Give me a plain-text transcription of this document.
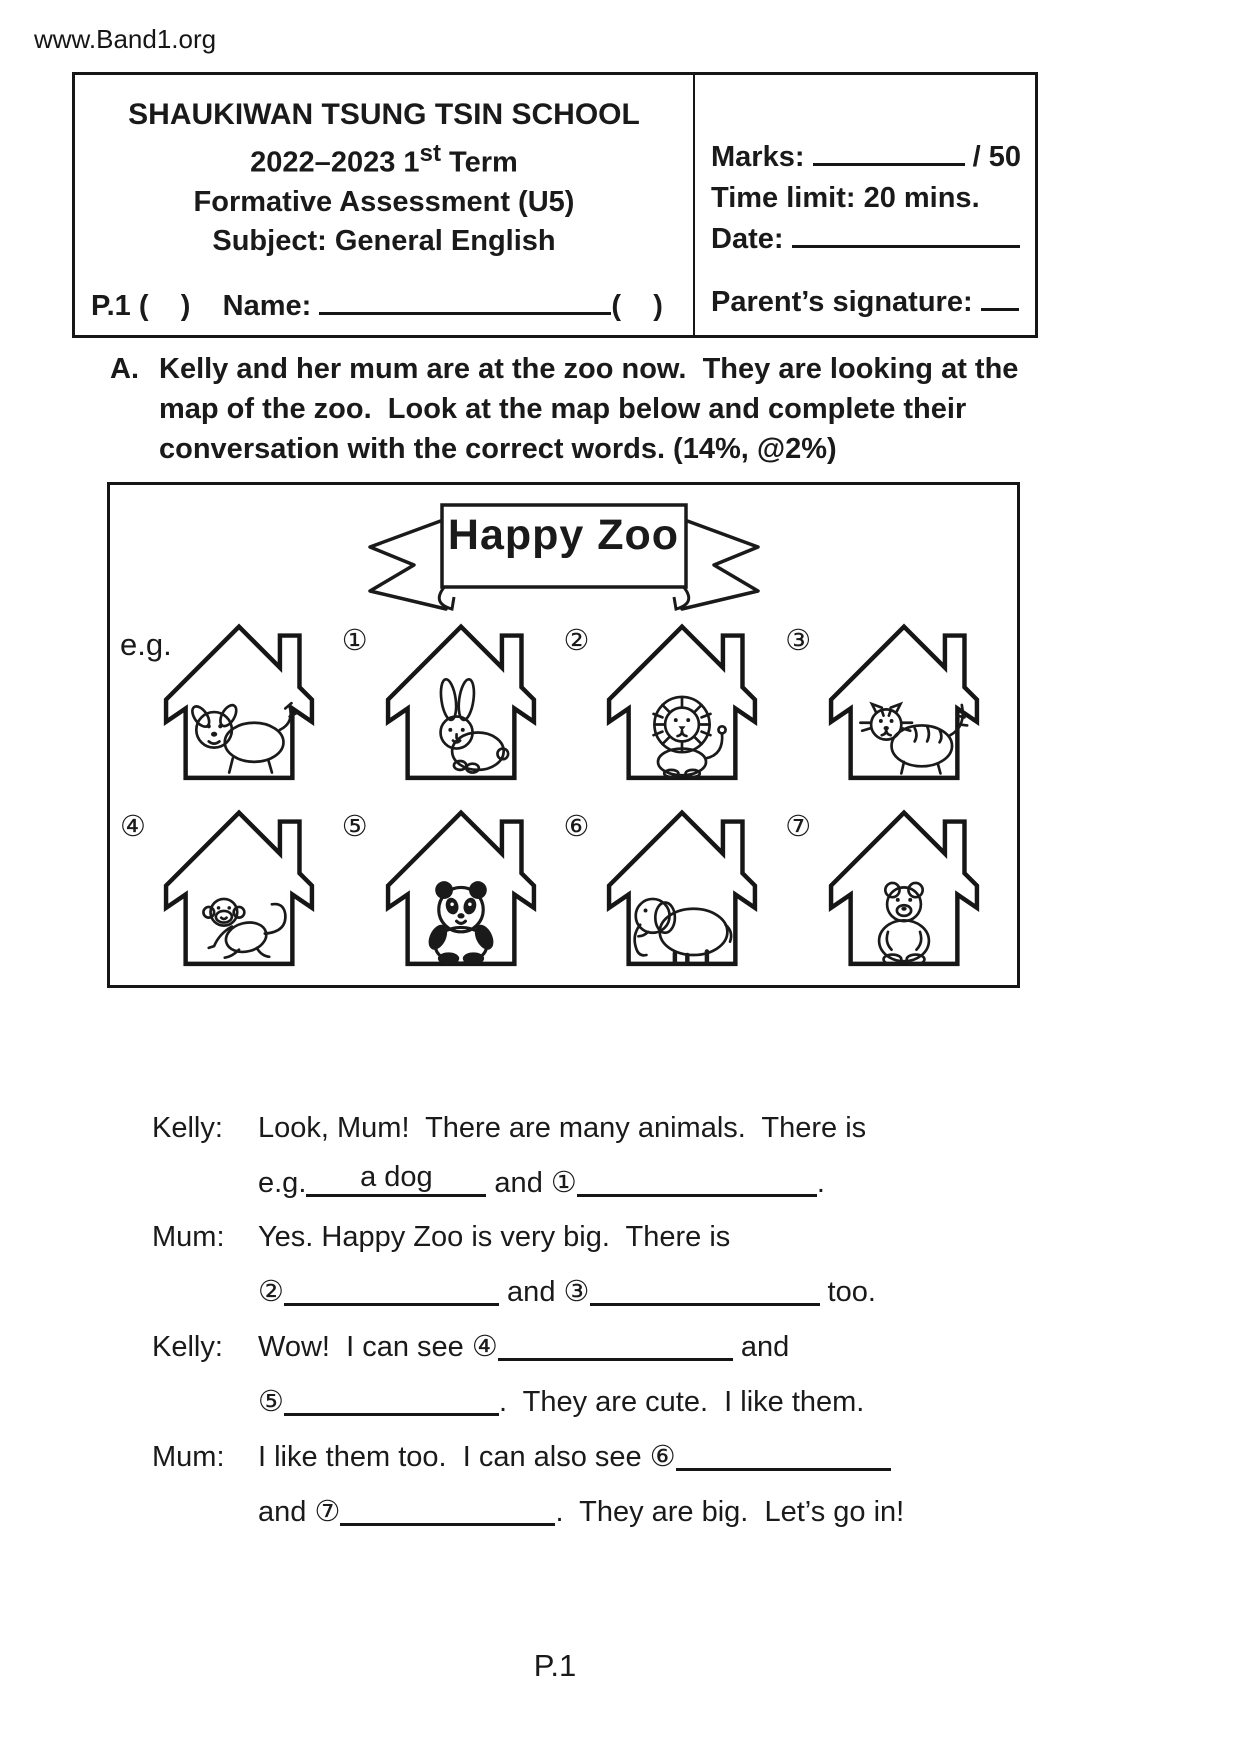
www.Band1.org
SHAUKIWAN TSUNG TSIN SCHOOL
2022–2023 1st Term
Formative Assessment (U5)
Subject: General English
P.1 (    ) Name:	(    )
Marks:	/ 50
Time limit: 20 mins.
Date:
Parent’s signature:
A. Kelly and her mum are at the zoo now.  They are looking at the map of the zoo.  Look at the map below and complete their conversation with the correct words. (14%, @2%)
Happy Zoo
e.g.	①	②	③
④	⑤	⑥	⑦
Kelly: Look, Mum!  There are many animals.  There is
e.g.	a dog	and ①	.
Mum: Yes. Happy Zoo is very big.  There is
②	and ③	too.
Kelly: Wow!  I can see ④	and
⑤	.  They are cute.  I like them.
Mum: I like them too.  I can also see ⑥
and ⑦	.  They are big.  Let’s go in!
P.1
